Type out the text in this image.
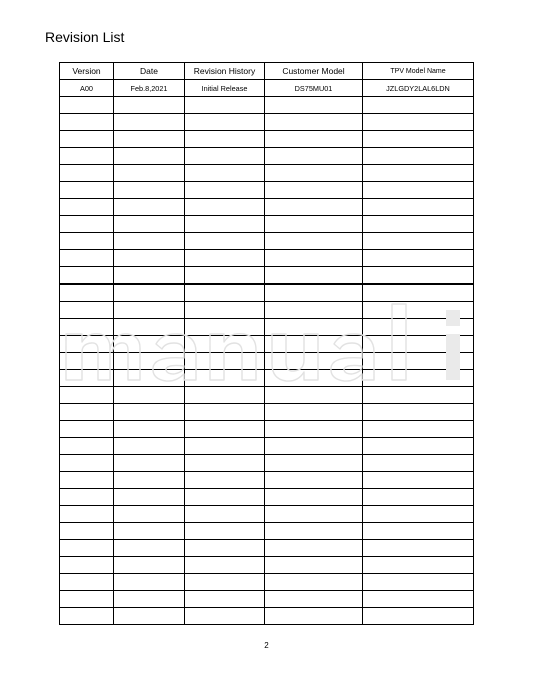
Revision List
Version	Date	Revision History	Customer Model	TPV Model Name
A00	Feb.8,2021	Initial Release	DS75MU01	JZLGDY2LAL6LDN

2
